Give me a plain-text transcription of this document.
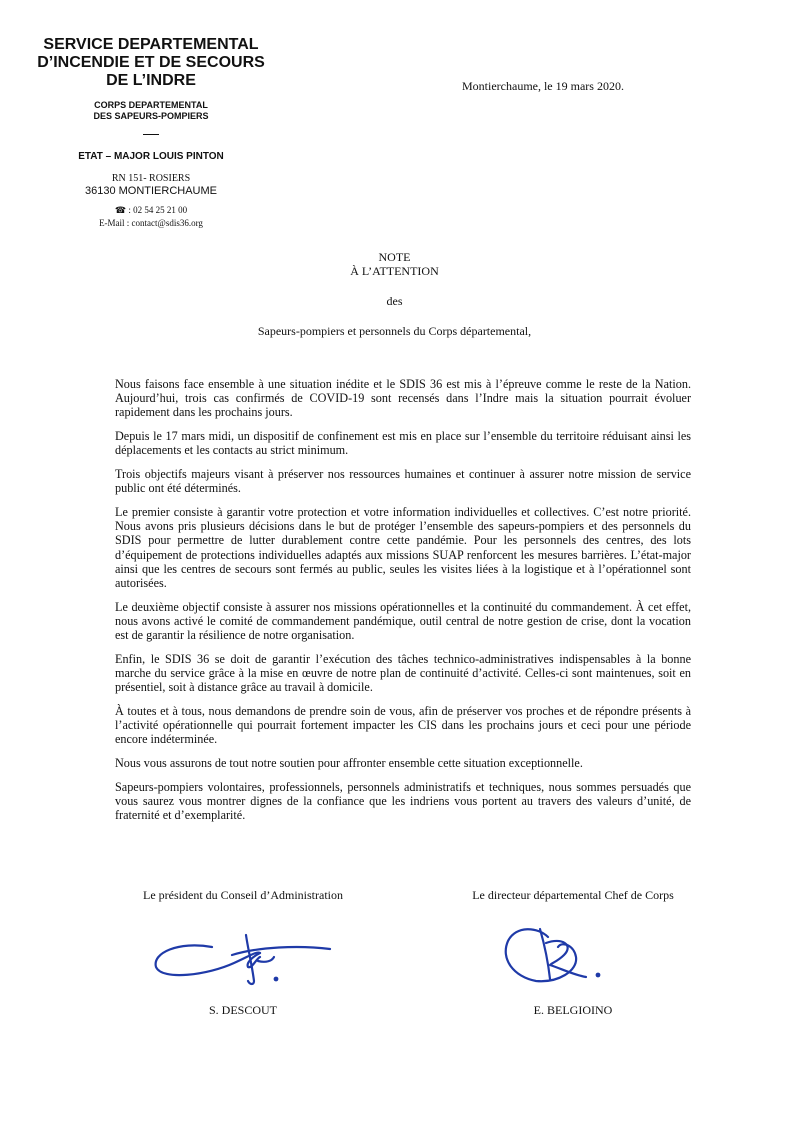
SERVICE DEPARTEMENTAL
D’INCENDIE ET DE SECOURS
DE L’INDRE
CORPS DEPARTEMENTAL
DES SAPEURS-POMPIERS
ETAT – MAJOR LOUIS PINTON
RN 151- ROSIERS
36130 MONTIERCHAUME
☎ : 02 54 25 21 00
E-Mail : contact@sdis36.org
Montierchaume, le 19 mars 2020.
NOTE
À L’ATTENTION
des
Sapeurs-pompiers et personnels du Corps départemental,

Nous faisons face ensemble à une situation inédite et le SDIS 36 est mis à l’épreuve comme le reste de la Nation. Aujourd’hui, trois cas confirmés de COVID-19 sont recensés dans l’Indre mais la situation pourrait évoluer rapidement dans les prochains jours.

Depuis le 17 mars midi, un dispositif de confinement est mis en place sur l’ensemble du territoire réduisant ainsi les déplacements et les contacts au strict minimum.

Trois objectifs majeurs visant à préserver nos ressources humaines et continuer à assurer notre mission de service public ont été déterminés.

Le premier consiste à garantir votre protection et votre information individuelles et collectives. C’est notre priorité. Nous avons pris plusieurs décisions dans le but de protéger l’ensemble des sapeurs-pompiers et des personnels du SDIS pour permettre de lutter durablement contre cette pandémie. Pour les personnels des centres, des lots d’équipement de protections individuelles adaptés aux missions SUAP renforcent les mesures barrières. L’état-major ainsi que les centres de secours sont fermés au public, seules les visites liées à la logistique et à l’opérationnel sont autorisées.

Le deuxième objectif consiste à assurer nos missions opérationnelles et la continuité du commandement. À cet effet, nous avons activé le comité de commandement pandémique, outil central de notre gestion de crise, dont la vocation est de garantir la résilience de notre organisation.

Enfin, le SDIS 36 se doit de garantir l’exécution des tâches technico-administratives indispensables à la bonne marche du service grâce à la mise en œuvre de notre plan de continuité d’activité. Celles-ci sont maintenues, soit en présentiel, soit à distance grâce au travail à domicile.

À toutes et à tous, nous demandons de prendre soin de vous, afin de préserver vos proches et de répondre présents à l’activité opérationnelle qui pourrait fortement impacter les CIS dans les prochains jours et ceci pour une période encore indéterminée.

Nous vous assurons de tout notre soutien pour affronter ensemble cette situation exceptionnelle.

Sapeurs-pompiers volontaires, professionnels, personnels administratifs et techniques, nous sommes persuadés que vous saurez vous montrer dignes de la confiance que les indriens vous portent au travers des valeurs d’unité, de fraternité et d’exemplarité.

Le président du Conseil d’Administration
S. DESCOUT
Le directeur départemental Chef de Corps
E. BELGIOINO
